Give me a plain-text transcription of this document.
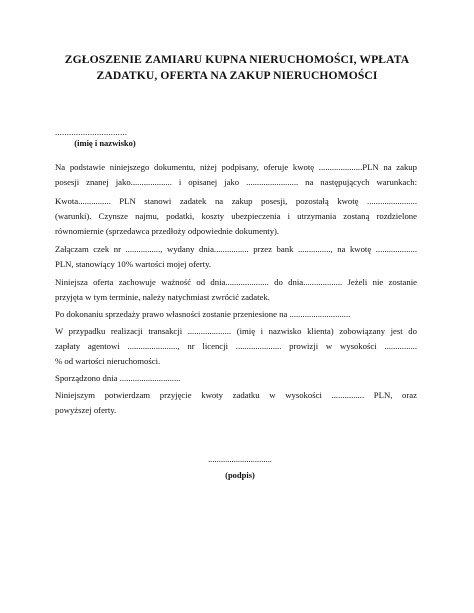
ZGŁOSZENIE ZAMIARU KUPNA NIERUCHOMOŚCI, WPŁATA
ZADATKU, OFERTA NA ZAKUP NIERUCHOMOŚCI
...............................
(imię i nazwisko)
Na podstawie niniejszego dokumentu, niżej podpisany, oferuje kwotę ....................PLN na zakup
posesji znanej jako................... i opisanej jako ........................ na następujących warunkach:
Kwota............... PLN stanowi zadatek na zakup posesji, pozostałą kwotę .......................
(warunki). Czynsze najmu, podatki, koszty ubezpieczenia i utrzymania zostaną rozdzielone
równomiernie (sprzedawca przedłoży odpowiednie dokumenty).
Załączam czek nr ................, wydany dnia................ przez bank ..............., na kwotę ...................
PLN, stanowiący 10% wartości mojej oferty.
Niniejsza oferta zachowuje ważność od dnia.................... do dnia.................. Jeżeli nie zostanie
przyjęta w tym terminie, należy natychmiast zwrócić zadatek.
Po dokonaniu sprzedaży prawo własności zostanie przeniesione na ............................
W przypadku realizacji transakcji .................... (imię i nazwisko klienta) zobowiązany jest do
zapłaty agentowi ......................., nr licencji ..................... prowizji w wysokości ...............
% od wartości nieruchomości.
Sporządzono dnia ............................
Niniejszym potwierdzam przyjęcie kwoty zadatku w wysokości ............... PLN, oraz
powyższej oferty.
..............................
(podpis)
